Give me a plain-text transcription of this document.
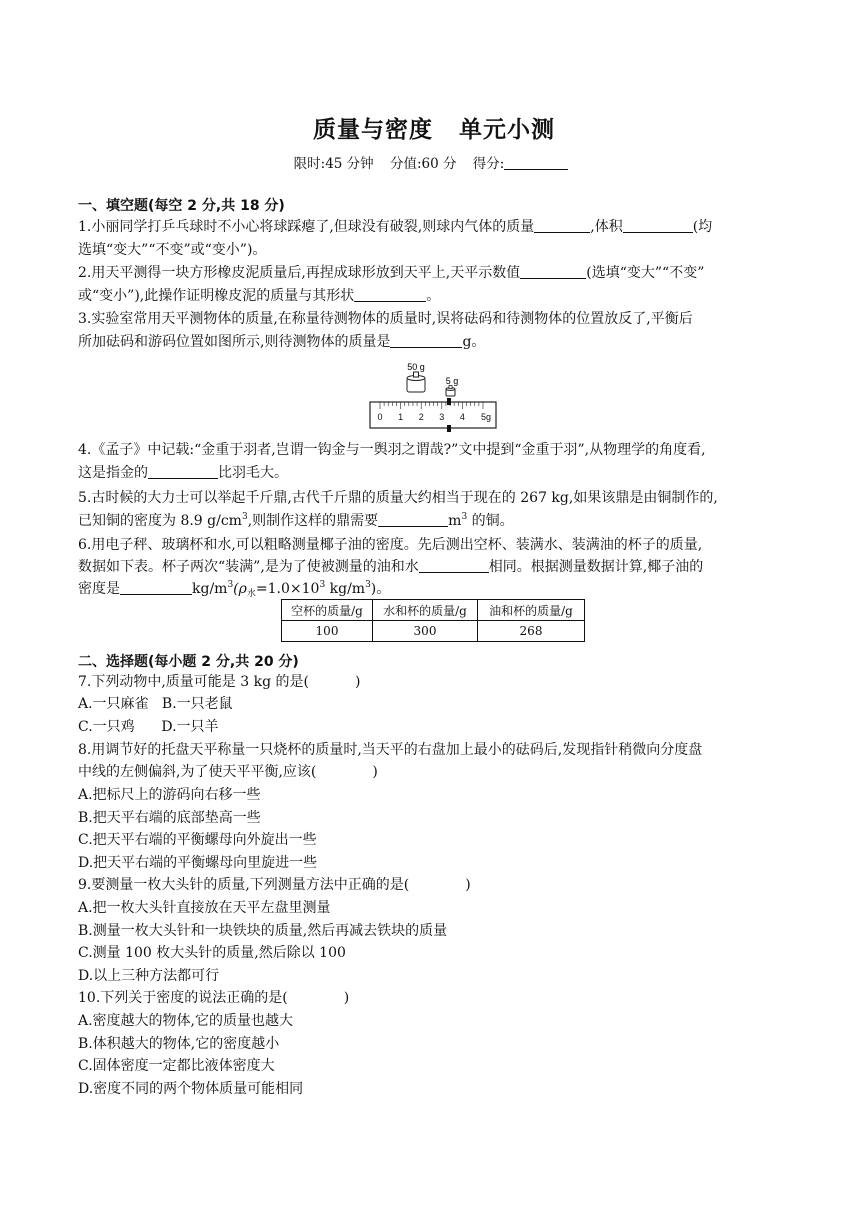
质量与密度 单元小测
限时:45 分钟 分值:60 分 得分:
一、填空题(每空 2 分,共 18 分)
1.小丽同学打乒乓球时不小心将球踩瘪了,但球没有破裂,则球内气体的质量	,体积	(均
选填“变大”“不变”或“变小”)。
2.用天平测得一块方形橡皮泥质量后,再捏成球形放到天平上,天平示数值	(选填“变大”“不变”
或“变小”),此操作证明橡皮泥的质量与其形状	。
3.实验室常用天平测物体的质量,在称量待测物体的质量时,误将砝码和待测物体的位置放反了,平衡后
所加砝码和游码位置如图所示,则待测物体的质量是	g。
50 g
5 g
0 1 2 3 4 5g
4.《孟子》中记载:“金重于羽者,岂谓一钩金与一舆羽之谓哉?”文中提到“金重于羽”,从物理学的角度看,
这是指金的	比羽毛大。
5.古时候的大力士可以举起千斤鼎,古代千斤鼎的质量大约相当于现在的 267 kg,如果该鼎是由铜制作的,
已知铜的密度为 8.9 $g/cm^3$,则制作这样的鼎需要	$m^3$ 的铜。
6.用电子秤、玻璃杯和水,可以粗略测量椰子油的密度。先后测出空杯、装满水、装满油的杯子的质量,
数据如下表。杯子两次“装满”,是为了使被测量的油和水	相同。根据测量数据计算,椰子油的
密度是	$kg/m^3(\rho_水=1.0\times 10^3$ $kg/m^3$)。
空杯的质量/g	水和杯的质量/g	油和杯的质量/g
100	300	268
二、选择题(每小题 2 分,共 20 分)
7.下列动物中,质量可能是 3 kg 的是(	)
A.一只麻雀 B.一只老鼠
C.一只鸡 D.一只羊
8.用调节好的托盘天平称量一只烧杯的质量时,当天平的右盘加上最小的砝码后,发现指针稍微向分度盘
中线的左侧偏斜,为了使天平平衡,应该(	)
A.把标尺上的游码向右移一些
B.把天平右端的底部垫高一些
C.把天平右端的平衡螺母向外旋出一些
D.把天平右端的平衡螺母向里旋进一些
9.要测量一枚大头针的质量,下列测量方法中正确的是(	)
A.把一枚大头针直接放在天平左盘里测量
B.测量一枚大头针和一块铁块的质量,然后再减去铁块的质量
C.测量 100 枚大头针的质量,然后除以 100
D.以上三种方法都可行
10.下列关于密度的说法正确的是(	)
A.密度越大的物体,它的质量也越大
B.体积越大的物体,它的密度越小
C.固体密度一定都比液体密度大
D.密度不同的两个物体质量可能相同
